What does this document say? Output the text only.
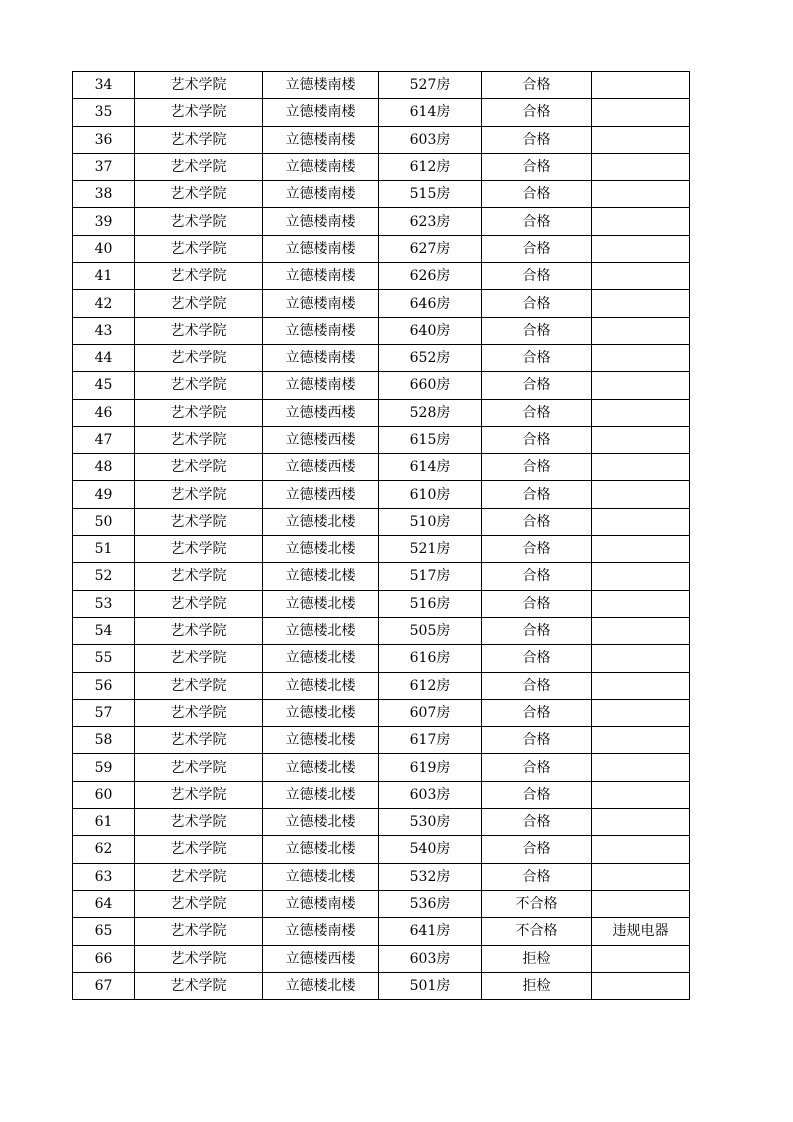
34	艺术学院	立德楼南楼	527房	合格	
35	艺术学院	立德楼南楼	614房	合格	
36	艺术学院	立德楼南楼	603房	合格	
37	艺术学院	立德楼南楼	612房	合格	
38	艺术学院	立德楼南楼	515房	合格	
39	艺术学院	立德楼南楼	623房	合格	
40	艺术学院	立德楼南楼	627房	合格	
41	艺术学院	立德楼南楼	626房	合格	
42	艺术学院	立德楼南楼	646房	合格	
43	艺术学院	立德楼南楼	640房	合格	
44	艺术学院	立德楼南楼	652房	合格	
45	艺术学院	立德楼南楼	660房	合格	
46	艺术学院	立德楼西楼	528房	合格	
47	艺术学院	立德楼西楼	615房	合格	
48	艺术学院	立德楼西楼	614房	合格	
49	艺术学院	立德楼西楼	610房	合格	
50	艺术学院	立德楼北楼	510房	合格	
51	艺术学院	立德楼北楼	521房	合格	
52	艺术学院	立德楼北楼	517房	合格	
53	艺术学院	立德楼北楼	516房	合格	
54	艺术学院	立德楼北楼	505房	合格	
55	艺术学院	立德楼北楼	616房	合格	
56	艺术学院	立德楼北楼	612房	合格	
57	艺术学院	立德楼北楼	607房	合格	
58	艺术学院	立德楼北楼	617房	合格	
59	艺术学院	立德楼北楼	619房	合格	
60	艺术学院	立德楼北楼	603房	合格	
61	艺术学院	立德楼北楼	530房	合格	
62	艺术学院	立德楼北楼	540房	合格	
63	艺术学院	立德楼北楼	532房	合格	
64	艺术学院	立德楼南楼	536房	不合格	
65	艺术学院	立德楼南楼	641房	不合格	违规电器
66	艺术学院	立德楼西楼	603房	拒检	
67	艺术学院	立德楼北楼	501房	拒检	
